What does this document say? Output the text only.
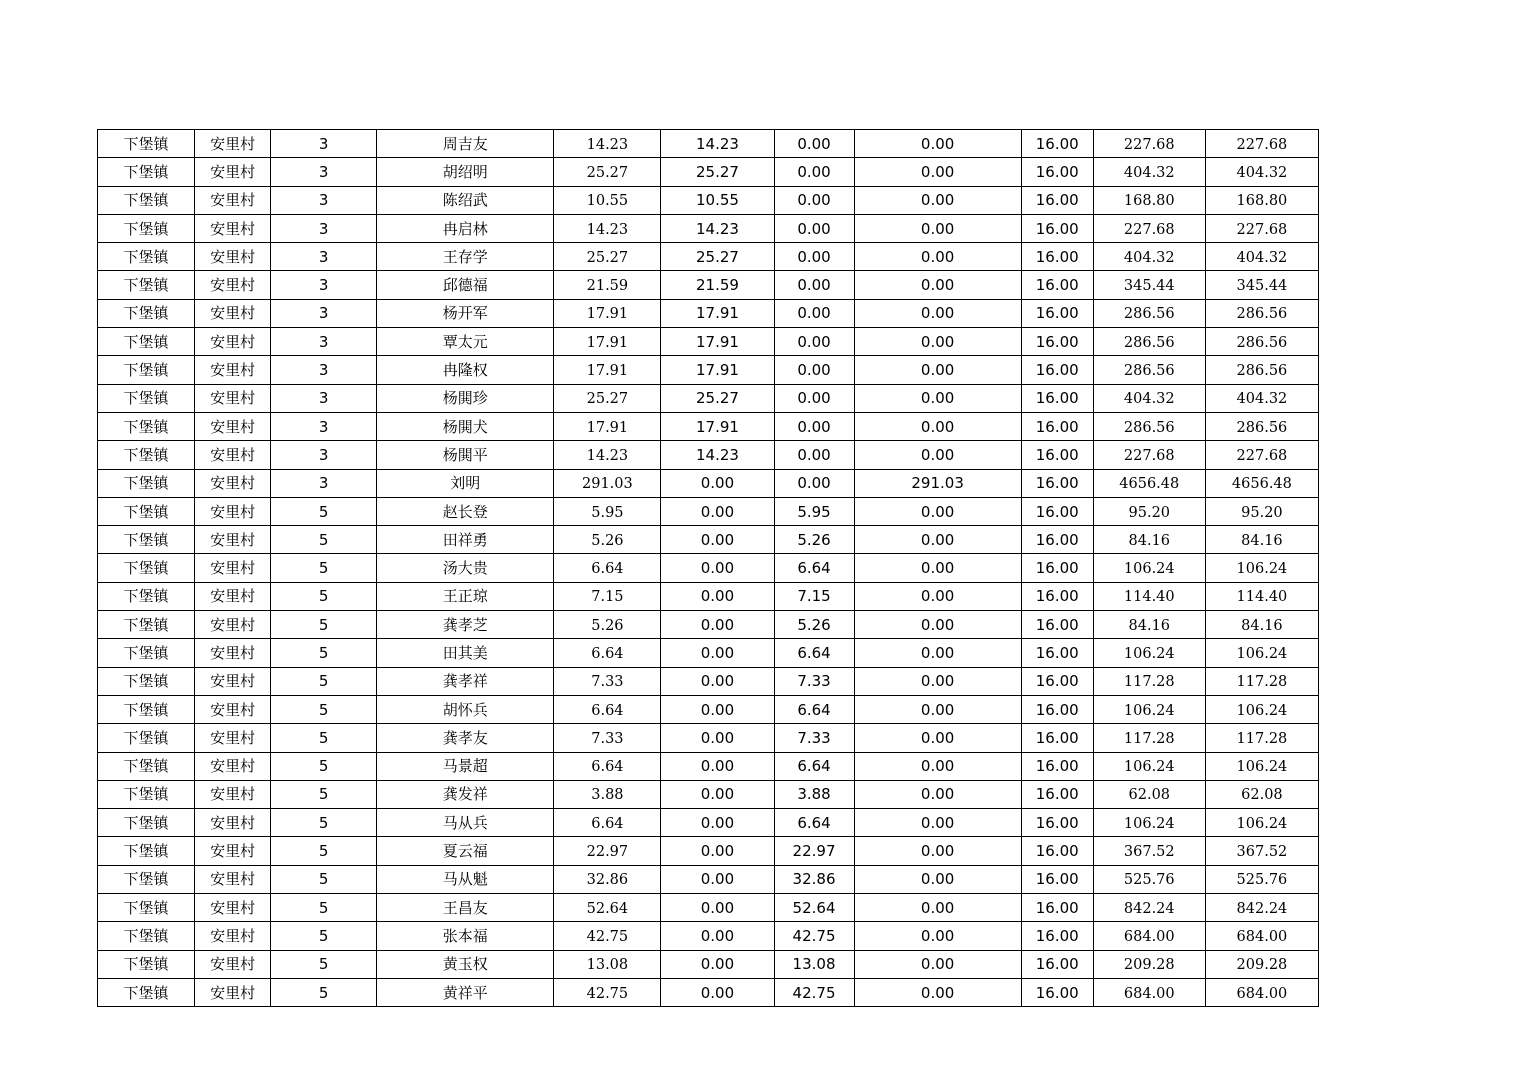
下堡镇	安里村	3	周吉友	14.23	14.23	0.00	0.00	16.00	227.68	227.68
下堡镇	安里村	3	胡绍明	25.27	25.27	0.00	0.00	16.00	404.32	404.32
下堡镇	安里村	3	陈绍武	10.55	10.55	0.00	0.00	16.00	168.80	168.80
下堡镇	安里村	3	冉启林	14.23	14.23	0.00	0.00	16.00	227.68	227.68
下堡镇	安里村	3	王存学	25.27	25.27	0.00	0.00	16.00	404.32	404.32
下堡镇	安里村	3	邱德福	21.59	21.59	0.00	0.00	16.00	345.44	345.44
下堡镇	安里村	3	杨开军	17.91	17.91	0.00	0.00	16.00	286.56	286.56
下堡镇	安里村	3	覃太元	17.91	17.91	0.00	0.00	16.00	286.56	286.56
下堡镇	安里村	3	冉隆权	17.91	17.91	0.00	0.00	16.00	286.56	286.56
下堡镇	安里村	3	杨閧珍	25.27	25.27	0.00	0.00	16.00	404.32	404.32
下堡镇	安里村	3	杨閧犬	17.91	17.91	0.00	0.00	16.00	286.56	286.56
下堡镇	安里村	3	杨閧平	14.23	14.23	0.00	0.00	16.00	227.68	227.68
下堡镇	安里村	3	刘明	291.03	0.00	0.00	291.03	16.00	4656.48	4656.48
下堡镇	安里村	5	赵长登	5.95	0.00	5.95	0.00	16.00	95.20	95.20
下堡镇	安里村	5	田祥勇	5.26	0.00	5.26	0.00	16.00	84.16	84.16
下堡镇	安里村	5	汤大贵	6.64	0.00	6.64	0.00	16.00	106.24	106.24
下堡镇	安里村	5	王正琼	7.15	0.00	7.15	0.00	16.00	114.40	114.40
下堡镇	安里村	5	龚孝芝	5.26	0.00	5.26	0.00	16.00	84.16	84.16
下堡镇	安里村	5	田其美	6.64	0.00	6.64	0.00	16.00	106.24	106.24
下堡镇	安里村	5	龚孝祥	7.33	0.00	7.33	0.00	16.00	117.28	117.28
下堡镇	安里村	5	胡怀兵	6.64	0.00	6.64	0.00	16.00	106.24	106.24
下堡镇	安里村	5	龚孝友	7.33	0.00	7.33	0.00	16.00	117.28	117.28
下堡镇	安里村	5	马景超	6.64	0.00	6.64	0.00	16.00	106.24	106.24
下堡镇	安里村	5	龚发祥	3.88	0.00	3.88	0.00	16.00	62.08	62.08
下堡镇	安里村	5	马从兵	6.64	0.00	6.64	0.00	16.00	106.24	106.24
下堡镇	安里村	5	夏云福	22.97	0.00	22.97	0.00	16.00	367.52	367.52
下堡镇	安里村	5	马从魁	32.86	0.00	32.86	0.00	16.00	525.76	525.76
下堡镇	安里村	5	王昌友	52.64	0.00	52.64	0.00	16.00	842.24	842.24
下堡镇	安里村	5	张本福	42.75	0.00	42.75	0.00	16.00	684.00	684.00
下堡镇	安里村	5	黄玉权	13.08	0.00	13.08	0.00	16.00	209.28	209.28
下堡镇	安里村	5	黄祥平	42.75	0.00	42.75	0.00	16.00	684.00	684.00
